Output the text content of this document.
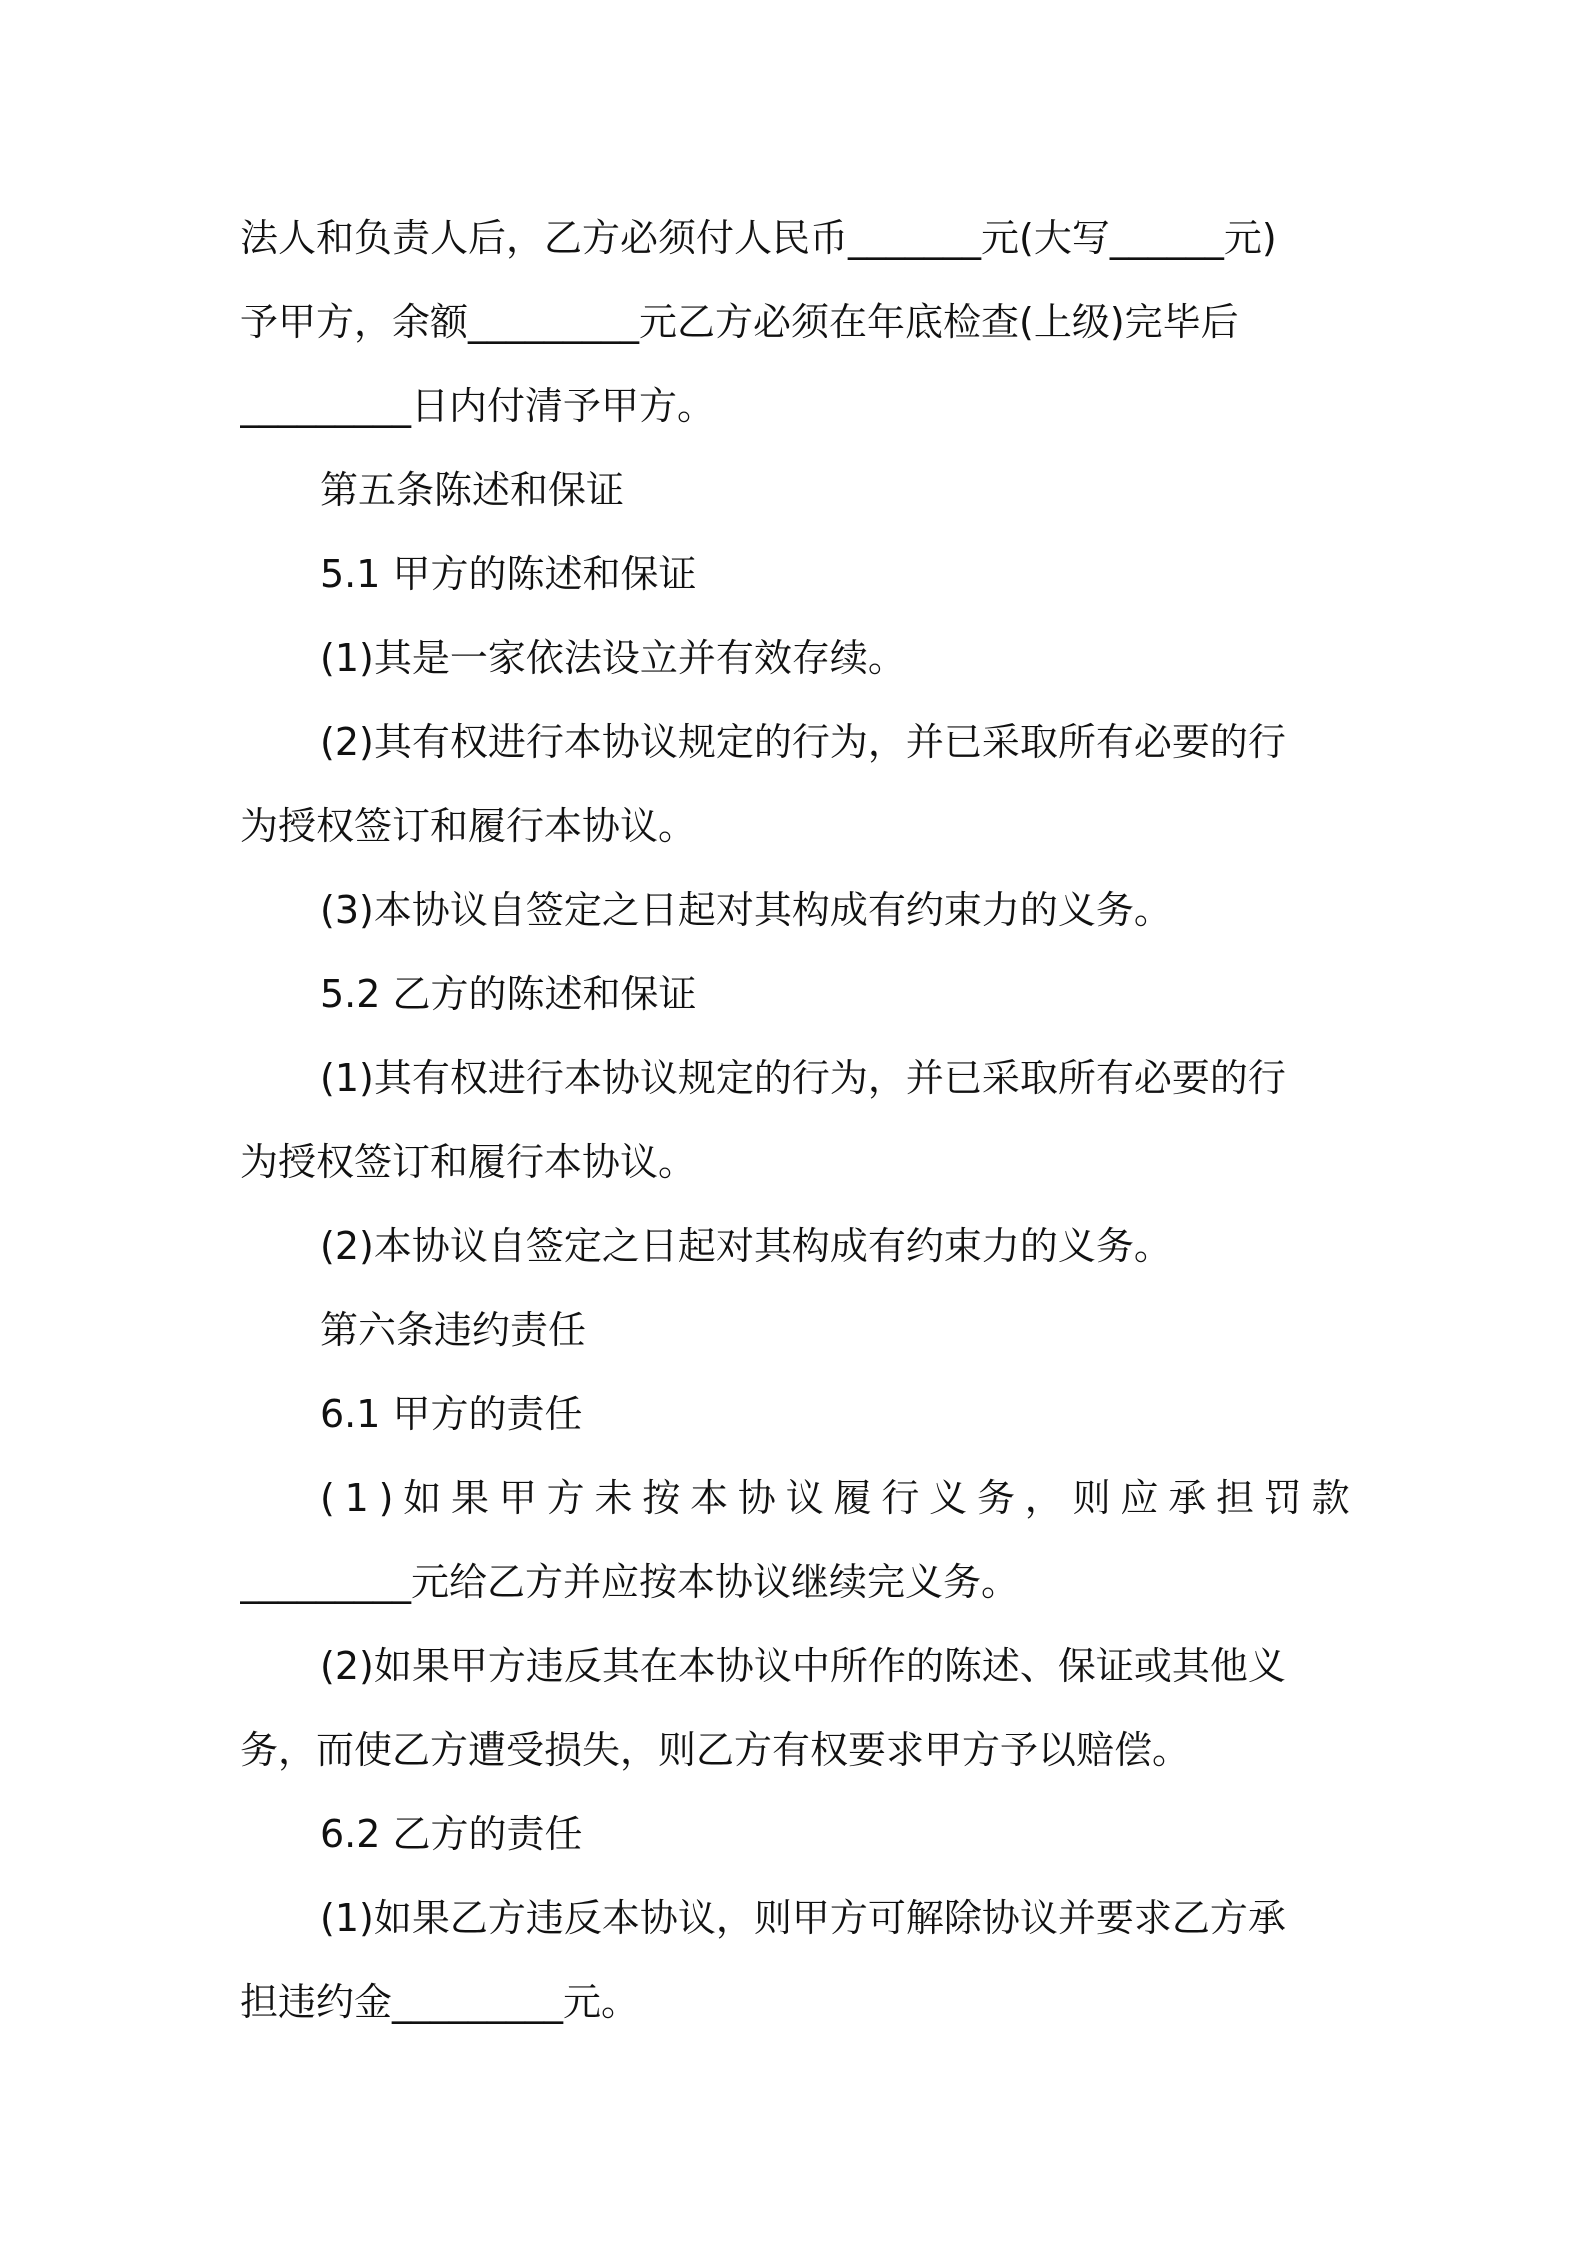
法人和负责人后，乙方必须付人民币_______元(大写______元)
予甲方，余额_________元乙方必须在年底检查(上级)完毕后
_________日内付清予甲方。
第五条陈述和保证
5.1 甲方的陈述和保证
(1)其是一家依法设立并有效存续。
(2)其有权进行本协议规定的行为，并已采取所有必要的行
为授权签订和履行本协议。
(3)本协议自签定之日起对其构成有约束力的义务。
5.2 乙方的陈述和保证
(1)其有权进行本协议规定的行为，并已采取所有必要的行
为授权签订和履行本协议。
(2)本协议自签定之日起对其构成有约束力的义务。
第六条违约责任
6.1 甲方的责任
( 1 ) 如 果 甲 方 未 按 本 协 议 履 行 义 务 ， 则 应 承 担 罚 款
_________元给乙方并应按本协议继续完义务。
(2)如果甲方违反其在本协议中所作的陈述、保证或其他义
务，而使乙方遭受损失，则乙方有权要求甲方予以赔偿。
6.2 乙方的责任
(1)如果乙方违反本协议，则甲方可解除协议并要求乙方承
担违约金_________元。
